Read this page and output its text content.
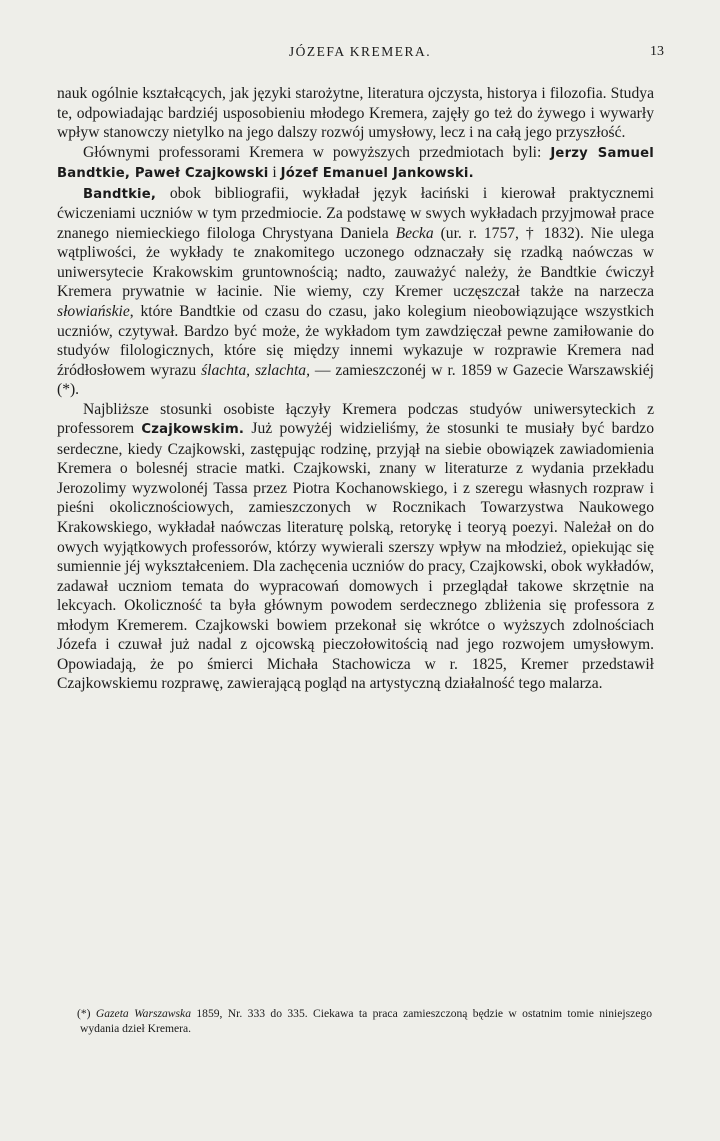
JÓZEFA KREMERA.	13

nauk ogólnie kształcących, jak języki starożytne, literatura ojczysta, historya i filozofia. Studya te, odpowiadając bardziéj usposobieniu młodego Kremera, zajęły go też do żywego i wywarły wpływ stanowczy nietylko na jego dalszy rozwój umysłowy, lecz i na całą jego przyszłość.

Głównymi professorami Kremera w powyższych przedmiotach byli: Jerzy Samuel Bandtkie, Paweł Czajkowski i Józef Emanuel Jankowski.

Bandtkie, obok bibliografii, wykładał język łaciński i kierował praktycznemi ćwiczeniami uczniów w tym przedmiocie. Za podstawę w swych wykładach przyjmował prace znanego niemieckiego filologa Chrystyana Daniela Becka (ur. r. 1757, † 1832). Nie ulega wątpliwości, że wykłady te znakomitego uczonego odznaczały się rzadką naówczas w uniwersytecie Krakowskim gruntownością; nadto, zauważyć należy, że Bandtkie ćwiczył Kremera prywatnie w łacinie. Nie wiemy, czy Kremer uczęszczał także na narzecza słowiańskie, które Bandtkie od czasu do czasu, jako kolegium nieobowiązujące wszystkich uczniów, czytywał. Bardzo być może, że wykładom tym zawdzięczał pewne zamiłowanie do studyów filologicznych, które się między innemi wykazuje w rozprawie Kremera nad źródłosłowem wyrazu ślachta, szlachta, — zamieszczonéj w r. 1859 w Gazecie Warszawskiéj (*).

Najbliższe stosunki osobiste łączyły Kremera podczas studyów uniwersyteckich z professorem Czajkowskim. Już powyżéj widzieliśmy, że stosunki te musiały być bardzo serdeczne, kiedy Czajkowski, zastępując rodzinę, przyjął na siebie obowiązek zawiadomienia Kremera o bolesnéj stracie matki. Czajkowski, znany w literaturze z wydania przekładu Jerozolimy wyzwolonéj Tassa przez Piotra Kochanowskiego, i z szeregu własnych rozpraw i pieśni okolicznościowych, zamieszczonych w Rocznikach Towarzystwa Naukowego Krakowskiego, wykładał naówczas literaturę polską, retorykę i teoryą poezyi. Należał on do owych wyjątkowych professorów, którzy wywierali szerszy wpływ na młodzież, opiekując się sumiennie jéj wykształceniem. Dla zachęcenia uczniów do pracy, Czajkowski, obok wykładów, zadawał uczniom temata do wypracowań domowych i przeglądał takowe skrzętnie na lekcyach. Okoliczność ta była głównym powodem serdecznego zbliżenia się professora z młodym Kremerem. Czajkowski bowiem przekonał się wkrótce o wyższych zdolnościach Józefa i czuwał już nadal z ojcowską pieczołowitością nad jego rozwojem umysłowym. Opowiadają, że po śmierci Michała Stachowicza w r. 1825, Kremer przedstawił Czajkowskiemu rozprawę, zawierającą pogląd na artystyczną działalność tego malarza.

(*) Gazeta Warszawska 1859, Nr. 333 do 335. Ciekawa ta praca zamieszczoną będzie w ostatnim tomie niniejszego wydania dzieł Kremera.
